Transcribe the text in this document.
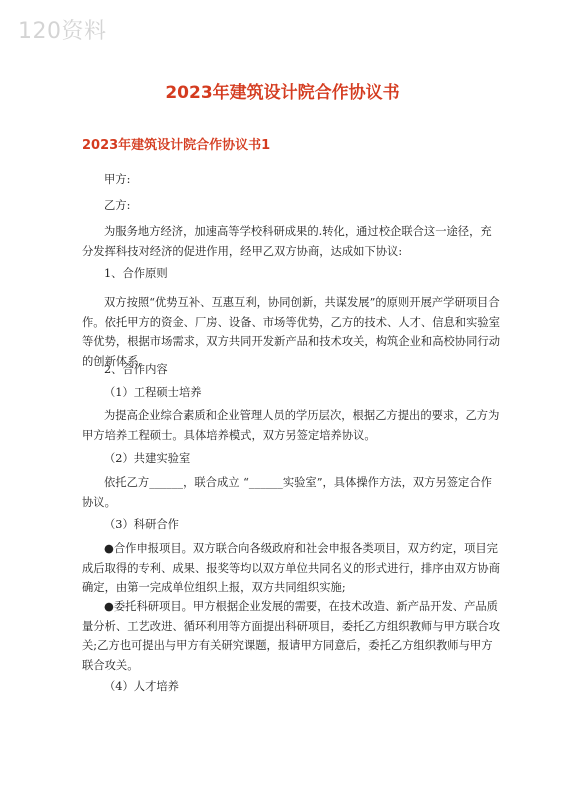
120资料
2023年建筑设计院合作协议书
2023年建筑设计院合作协议书1

甲方:

乙方:

为服务地方经济，加速高等学校科研成果的.转化，通过校企联合这一途径，充分发挥科技对经济的促进作用，经甲乙双方协商，达成如下协议:

1、合作原则

双方按照“优势互补、互惠互利，协同创新，共谋发展”的原则开展产学研项目合作。依托甲方的资金、厂房、设备、市场等优势，乙方的技术、人才、信息和实验室等优势，根据市场需求，双方共同开发新产品和技术攻关，构筑企业和高校协同行动的创新体系。

2、合作内容

（1）工程硕士培养

为提高企业综合素质和企业管理人员的学历层次，根据乙方提出的要求，乙方为甲方培养工程硕士。具体培养模式，双方另签定培养协议。

（2）共建实验室

依托乙方______，联合成立 “______实验室”，具体操作方法，双方另签定合作协议。

（3）科研合作

●合作申报项目。双方联合向各级政府和社会申报各类项目，双方约定，项目完成后取得的专利、成果、报奖等均以双方单位共同名义的形式进行，排序由双方协商确定，由第一完成单位组织上报，双方共同组织实施;

●委托科研项目。甲方根据企业发展的需要，在技术改造、新产品开发、产品质量分析、工艺改进、循环利用等方面提出科研项目，委托乙方组织教师与甲方联合攻关;乙方也可提出与甲方有关研究课题，报请甲方同意后，委托乙方组织教师与甲方联合攻关。

（4）人才培养
